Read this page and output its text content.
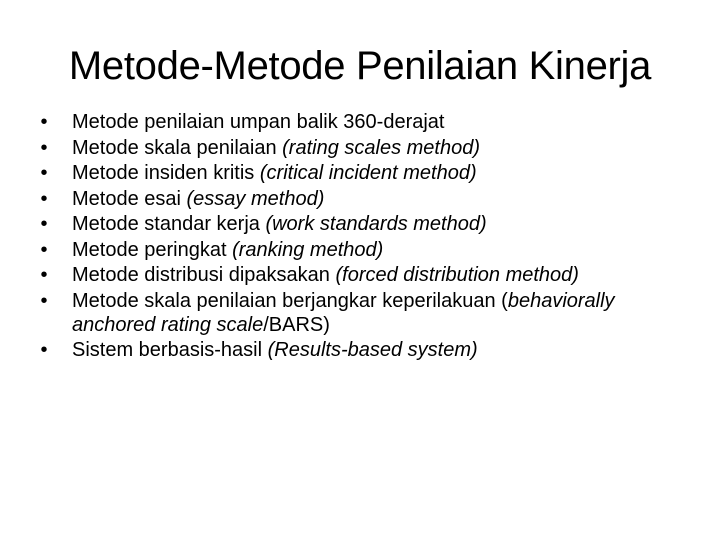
Metode-Metode Penilaian Kinerja
• Metode penilaian umpan balik 360-derajat
• Metode skala penilaian (rating scales method)
• Metode insiden kritis (critical incident method)
• Metode esai (essay method)
• Metode standar kerja (work standards method)
• Metode peringkat (ranking method)
• Metode distribusi dipaksakan (forced distribution method)
• Metode skala penilaian berjangkar keperilakuan (behaviorally anchored rating scale/BARS)
• Sistem berbasis-hasil (Results-based system)
